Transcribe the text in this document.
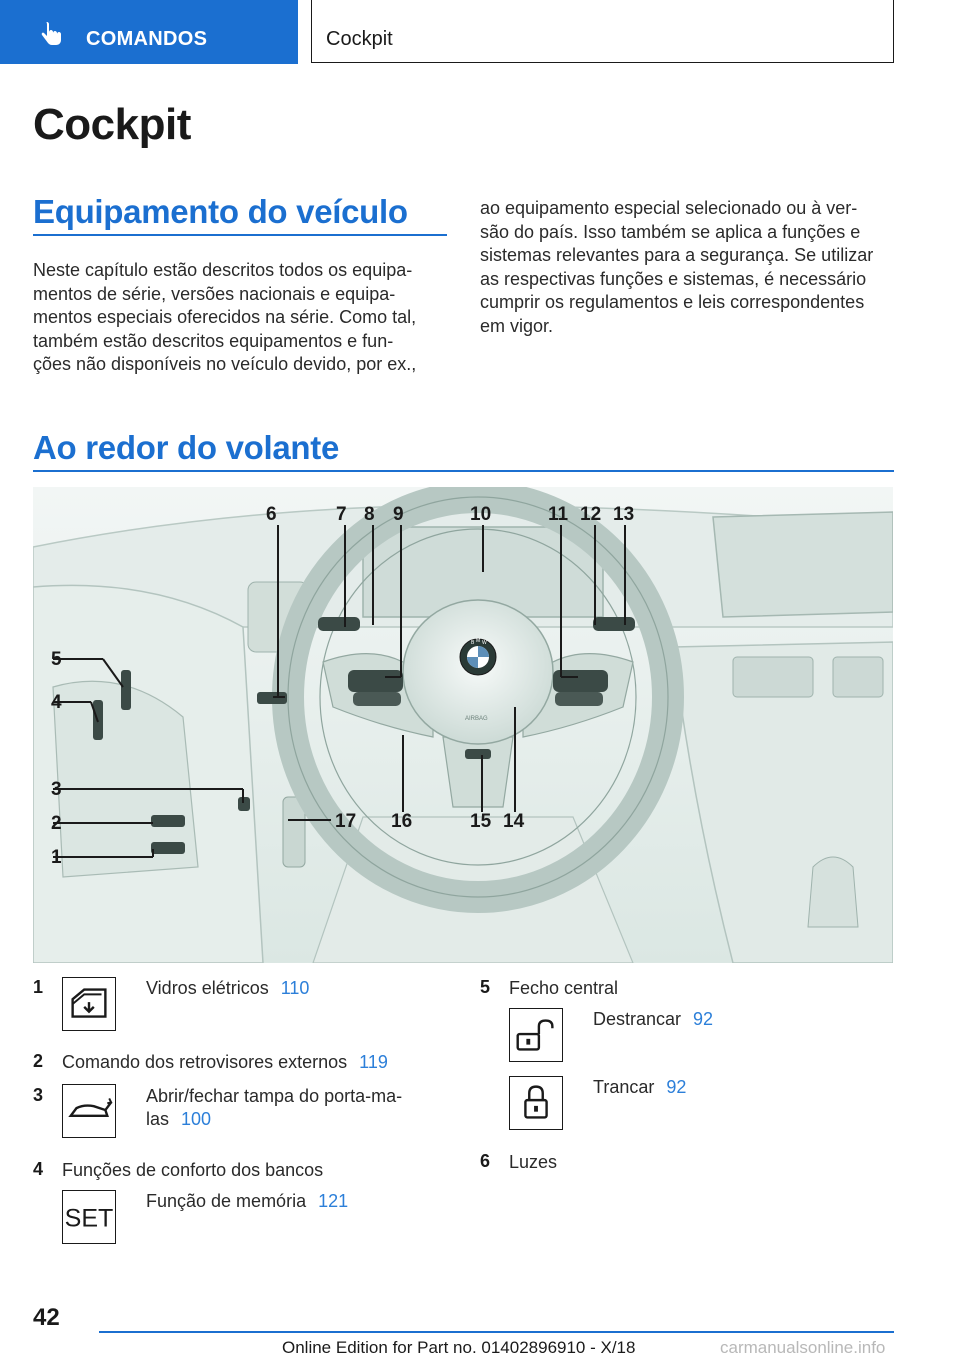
COMANDOS	Cockpit
Cockpit
Equipamento do veículo

Neste capítulo estão descritos todos os equipa-
mentos de série, versões nacionais e equipa-
mentos especiais oferecidos na série. Como tal,
também estão descritos equipamentos e fun-
ções não disponíveis no veículo devido, por ex.,

ao equipamento especial selecionado ou à ver-
são do país. Isso também se aplica a funções e
sistemas relevantes para a segurança. Se utilizar
as respectivas funções e sistemas, é necessário
cumprir os regulamentos e leis correspondentes
em vigor.

Ao redor do volante
B M W
AIRBAG
6	7 8 9	10	11 12 13
5
4
3
2
1
17 16	15 14
1	Vidros elétricos 110
2 Comando dos retrovisores externos 119
3	Abrir/fechar tampa do porta-ma-
las 100
4 Funções de conforto dos bancos
SET
Função de memória 121
5 Fecho central
Destrancar 92
Trancar 92
6 Luzes
42
Online Edition for Part no. 01402896910 - X/18	carmanualsonline.info
